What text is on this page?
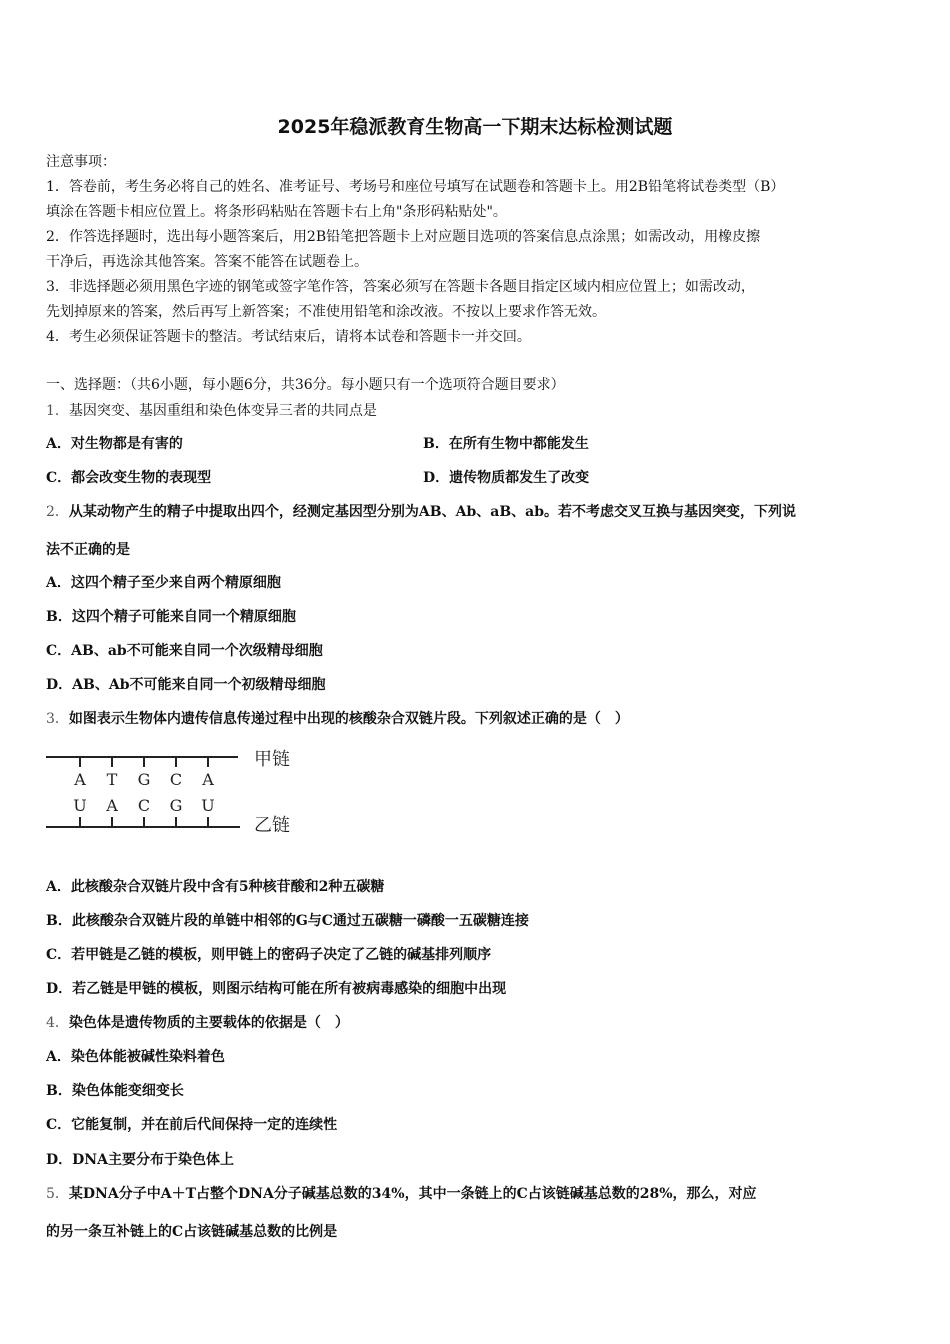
2025年稳派教育生物高一下期末达标检测试题
注意事项：
1．答卷前，考生务必将自己的姓名、准考证号、考场号和座位号填写在试题卷和答题卡上。用2B铅笔将试卷类型（B）
填涂在答题卡相应位置上。将条形码粘贴在答题卡右上角"条形码粘贴处"。
2．作答选择题时，选出每小题答案后，用2B铅笔把答题卡上对应题目选项的答案信息点涂黑；如需改动，用橡皮擦
干净后，再选涂其他答案。答案不能答在试题卷上。
3．非选择题必须用黑色字迹的钢笔或签字笔作答，答案必须写在答题卡各题目指定区域内相应位置上；如需改动，
先划掉原来的答案，然后再写上新答案；不准使用铅笔和涂改液。不按以上要求作答无效。
4．考生必须保证答题卡的整洁。考试结束后，请将本试卷和答题卡一并交回。
一、选择题：（共6小题，每小题6分，共36分。每小题只有一个选项符合题目要求）
1．基因突变、基因重组和染色体变异三者的共同点是
A．对生物都是有害的	B．在所有生物中都能发生
C．都会改变生物的表现型	D．遗传物质都发生了改变
2．从某动物产生的精子中提取出四个，经测定基因型分别为AB、Ab、aB、ab。若不考虑交叉互换与基因突变，下列说
法不正确的是
A．这四个精子至少来自两个精原细胞
B．这四个精子可能来自同一个精原细胞
C．AB、ab不可能来自同一个次级精母细胞
D．AB、Ab不可能来自同一个初级精母细胞
3．如图表示生物体内遗传信息传递过程中出现的核酸杂合双链片段。下列叙述正确的是（　）
A T G C A
U A C G U
甲链
乙链
A．此核酸杂合双链片段中含有5种核苷酸和2种五碳糖
B．此核酸杂合双链片段的单链中相邻的G与C通过五碳糖一磷酸一五碳糖连接
C．若甲链是乙链的模板，则甲链上的密码子决定了乙链的碱基排列顺序
D．若乙链是甲链的模板，则图示结构可能在所有被病毒感染的细胞中出现
4．染色体是遗传物质的主要载体的依据是（　）
A．染色体能被碱性染料着色
B．染色体能变细变长
C．它能复制，并在前后代间保持一定的连续性
D．DNA主要分布于染色体上
5．某DNA分子中A＋T占整个DNA分子碱基总数的34%，其中一条链上的C占该链碱基总数的28%，那么，对应
的另一条互补链上的C占该链碱基总数的比例是
